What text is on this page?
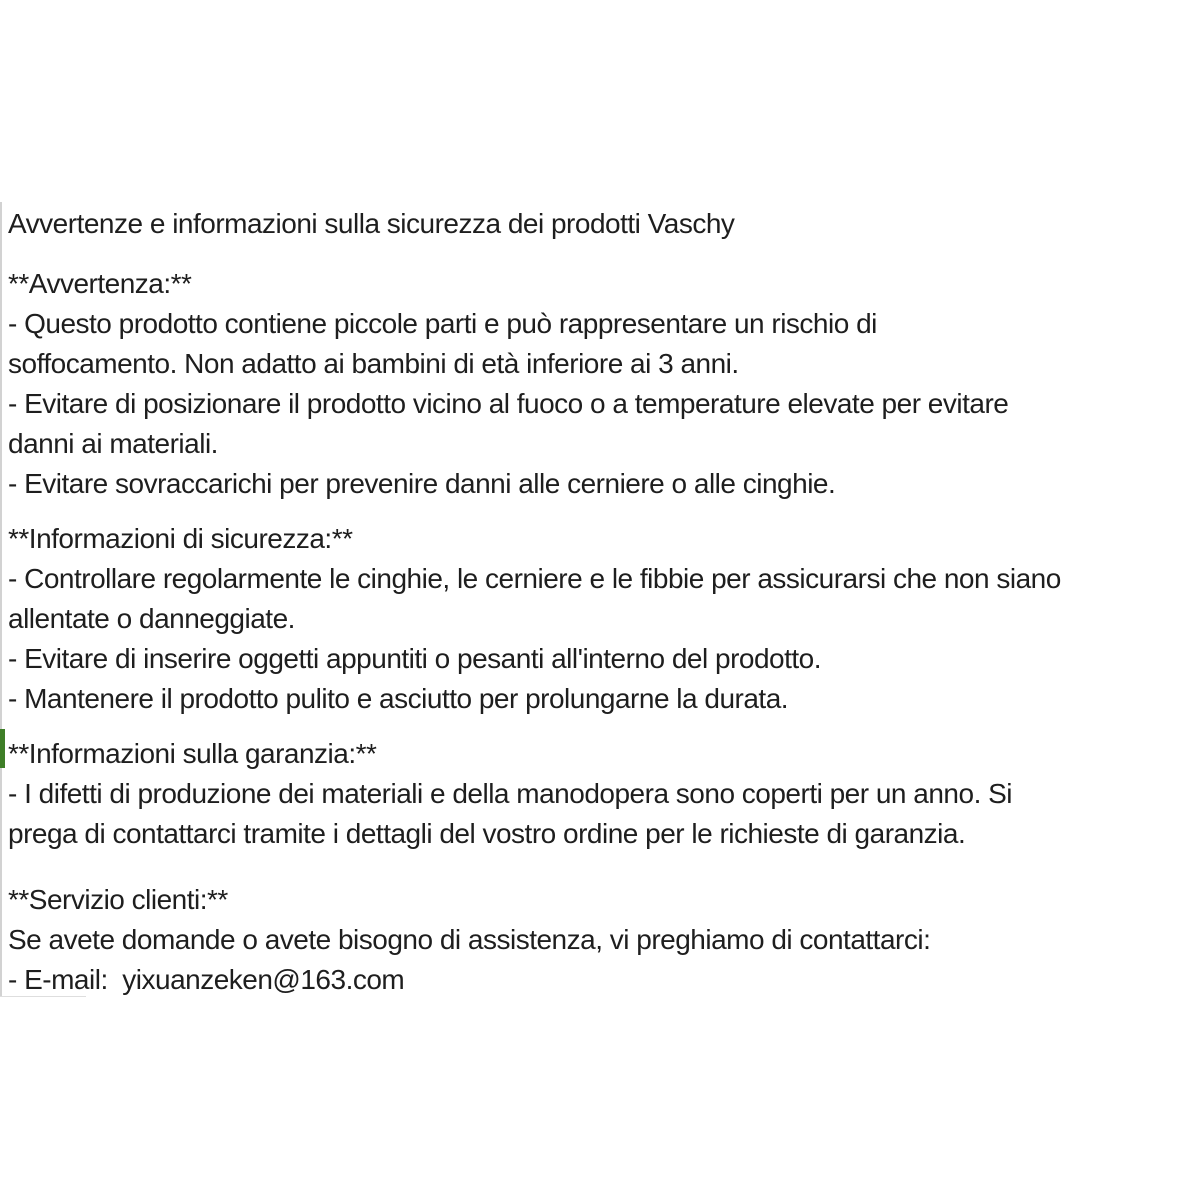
Avvertenze e informazioni sulla sicurezza dei prodotti Vaschy
**Avvertenza:**
- Questo prodotto contiene piccole parti e può rappresentare un rischio di
soffocamento. Non adatto ai bambini di età inferiore ai 3 anni.
- Evitare di posizionare il prodotto vicino al fuoco o a temperature elevate per evitare
danni ai materiali.
- Evitare sovraccarichi per prevenire danni alle cerniere o alle cinghie.
**Informazioni di sicurezza:**
- Controllare regolarmente le cinghie, le cerniere e le fibbie per assicurarsi che non siano
allentate o danneggiate.
- Evitare di inserire oggetti appuntiti o pesanti all'interno del prodotto.
- Mantenere il prodotto pulito e asciutto per prolungarne la durata.
**Informazioni sulla garanzia:**
- I difetti di produzione dei materiali e della manodopera sono coperti per un anno. Si
prega di contattarci tramite i dettagli del vostro ordine per le richieste di garanzia.
**Servizio clienti:**
Se avete domande o avete bisogno di assistenza, vi preghiamo di contattarci:
- E-mail:  yixuanzeken@163.com
